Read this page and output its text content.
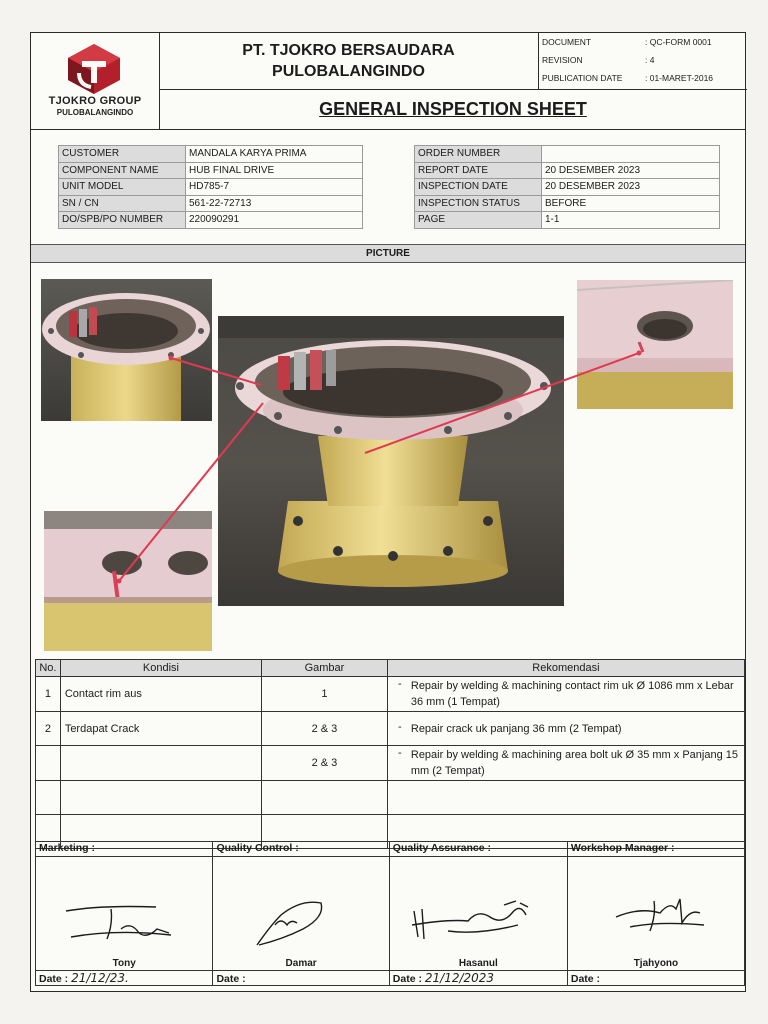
TJOKRO GROUP
PULOBALANGINDO
PT. TJOKRO BERSAUDARA
PULOBALANGINDO
DOCUMENT	: QC-FORM 0001
REVISION	: 4
PUBLICATION DATE	: 01-MARET-2016
GENERAL INSPECTION SHEET
CUSTOMER	MANDALA KARYA PRIMA
COMPONENT NAME	HUB FINAL DRIVE
UNIT MODEL	HD785-7
SN / CN	561-22-72713
DO/SPB/PO NUMBER	220090291
ORDER NUMBER	
REPORT DATE	20 DESEMBER 2023
INSPECTION DATE	20 DESEMBER 2023
INSPECTION STATUS	BEFORE
PAGE	1-1
PICTURE
No.	Kondisi	Gambar	Rekomendasi
1	Contact rim aus	1	- Repair by welding & machining contact rim uk Ø 1086 mm x Lebar 36 mm (1 Tempat)
2	Terdapat Crack	2 & 3	- Repair crack uk panjang 36 mm (2 Tempat)
		2 & 3	- Repair by welding & machining area bolt uk Ø 35 mm x Panjang 15 mm (2 Tempat)

Marketing :	Quality Control :	Quality Assurance :	Workshop Manager :

Tony	Damar	Hasanul	Tjahyono

Date : 21/12/23.	Date :	Date : 21/12/2023	Date :
